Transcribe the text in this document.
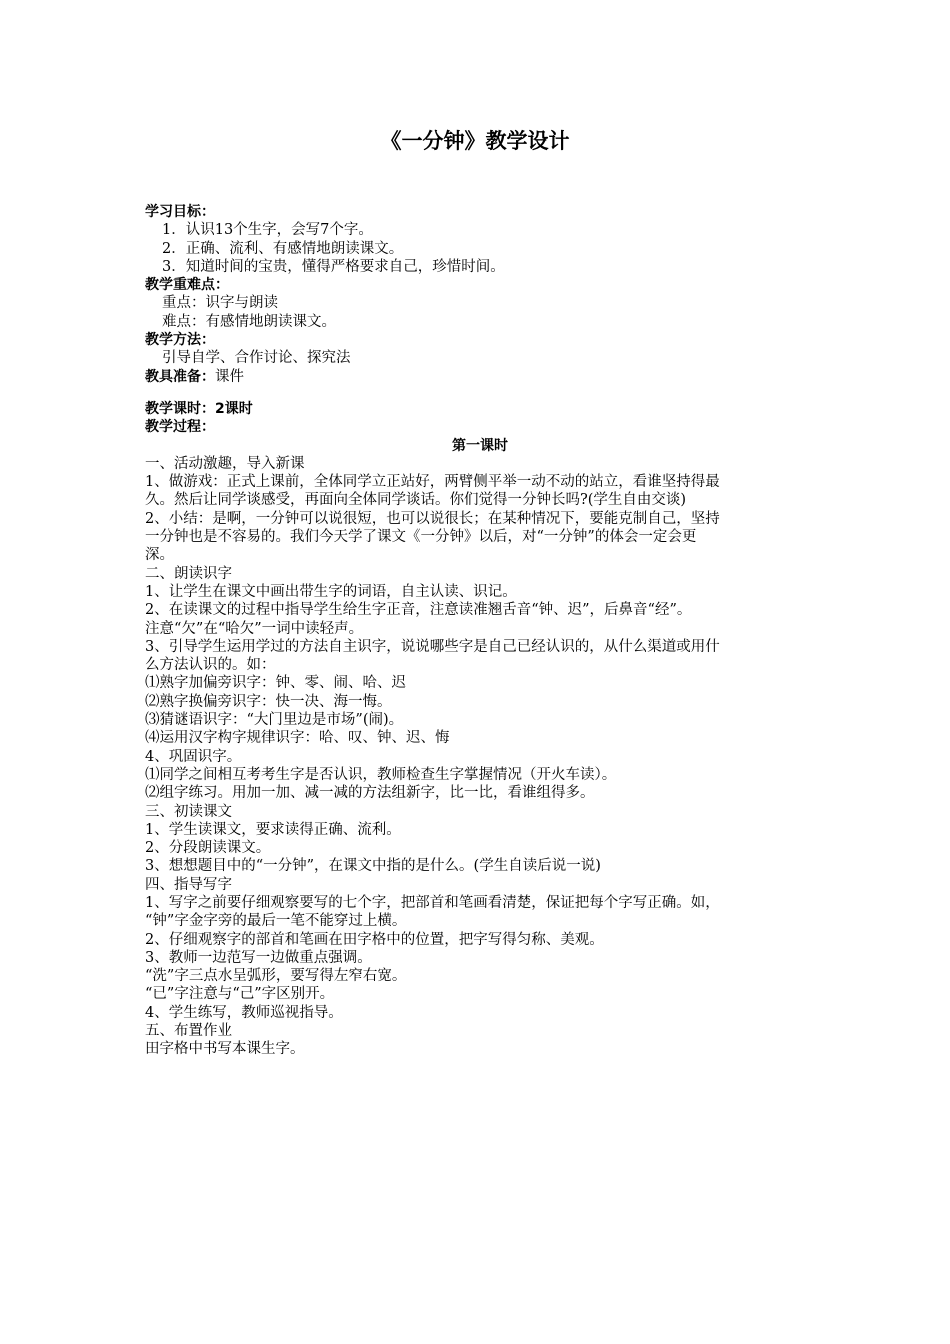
《一分钟》教学设计
学习目标：
1．认识13个生字，会写7个字。
2．正确、流利、有感情地朗读课文。
3．知道时间的宝贵，懂得严格要求自己，珍惜时间。
教学重难点：
重点：识字与朗读
难点：有感情地朗读课文。
教学方法：
引导自学、合作讨论、探究法
教具准备：课件
教学课时：2课时
教学过程：
第一课时
一、活动激趣，导入新课
1、做游戏：正式上课前，全体同学立正站好，两臂侧平举一动不动的站立，看谁坚持得最
久。然后让同学谈感受，再面向全体同学谈话。你们觉得一分钟长吗?(学生自由交谈)
2、小结：是啊，一分钟可以说很短，也可以说很长；在某种情况下，要能克制自己，坚持
一分钟也是不容易的。我们今天学了课文《一分钟》以后，对“一分钟”的体会一定会更
深。
二、朗读识字
1、让学生在课文中画出带生字的词语，自主认读、识记。
2、在读课文的过程中指导学生给生字正音，注意读准翘舌音“钟、迟”，后鼻音“经”。
注意“欠”在“哈欠”一词中读轻声。
3、引导学生运用学过的方法自主识字，说说哪些字是自己已经认识的，从什么渠道或用什
么方法认识的。如：
⑴熟字加偏旁识字：钟、零、闹、哈、迟
⑵熟字换偏旁识字：快一决、海一悔。
⑶猜谜语识字：“大门里边是市场”(闹)。
⑷运用汉字构字规律识字：哈、叹、钟、迟、悔
4、巩固识字。
⑴同学之间相互考考生字是否认识，教师检查生字掌握情况（开火车读）。
⑵组字练习。用加一加、减一减的方法组新字，比一比，看谁组得多。
三、初读课文
1、学生读课文，要求读得正确、流利。
2、分段朗读课文。
3、想想题目中的“一分钟”，在课文中指的是什么。(学生自读后说一说)
四、指导写字
1、写字之前要仔细观察要写的七个字，把部首和笔画看清楚，保证把每个字写正确。如，
“钟”字金字旁的最后一笔不能穿过上横。
2、仔细观察字的部首和笔画在田字格中的位置，把字写得匀称、美观。
3、教师一边范写一边做重点强调。
“洗”字三点水呈弧形，要写得左窄右宽。
“已”字注意与“己”字区别开。
4、学生练写，教师巡视指导。
五、布置作业
田字格中书写本课生字。
